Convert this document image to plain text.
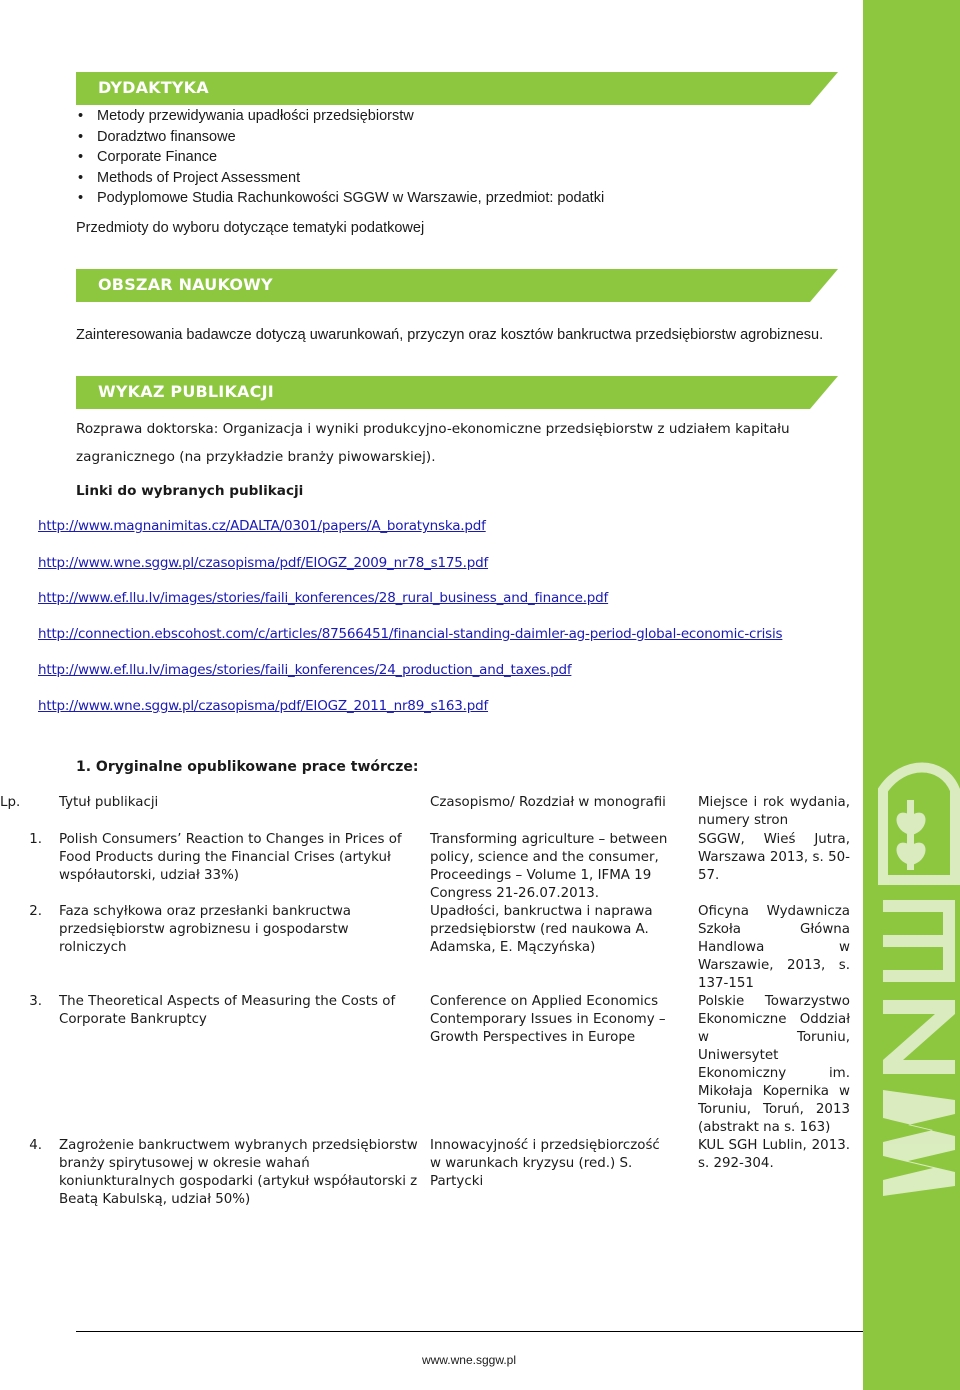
DYDAKTYKA
• Metody przewidywania upadłości przedsiębiorstw
• Doradztwo finansowe
• Corporate Finance
• Methods of Project Assessment
• Podyplomowe Studia Rachunkowości SGGW w Warszawie, przedmiot: podatki
Przedmioty do wyboru dotyczące tematyki podatkowej
OBSZAR NAUKOWY
Zainteresowania badawcze dotyczą uwarunkowań, przyczyn oraz kosztów bankructwa przedsiębiorstw agrobiznesu.
WYKAZ PUBLIKACJI
Rozprawa doktorska: Organizacja i wyniki produkcyjno-ekonomiczne przedsiębiorstw z udziałem kapitału
zagranicznego (na przykładzie branży piwowarskiej).
Linki do wybranych publikacji
http://www.magnanimitas.cz/ADALTA/0301/papers/A_boratynska.pdf
http://www.wne.sggw.pl/czasopisma/pdf/EIOGZ_2009_nr78_s175.pdf
http://www.ef.llu.lv/images/stories/faili_konferences/28_rural_business_and_finance.pdf
http://connection.ebscohost.com/c/articles/87566451/financial-standing-daimler-ag-period-global-economic-crisis
http://www.ef.llu.lv/images/stories/faili_konferences/24_production_and_taxes.pdf
http://www.wne.sggw.pl/czasopisma/pdf/EIOGZ_2011_nr89_s163.pdf
1. Oryginalne opublikowane prace twórcze:
Lp.	Tytuł publikacji	Czasopismo/ Rozdział w monografii Miejsce i rok wydania, numery stron
1. Polish Consumers’ Reaction to Changes in Prices of Food Products during the Financial Crises (artykuł współautorski, udział 33%)
Transforming agriculture – between policy, science and the consumer, Proceedings – Volume 1, IFMA 19 Congress 21-26.07.2013.
SGGW, Wieś Jutra, Warszawa 2013, s. 50-57.
2. Faza schyłkowa oraz przesłanki bankructwa przedsiębiorstw agrobiznesu i gospodarstw rolniczych
Upadłości, bankructwa i naprawa przedsiębiorstw (red naukowa A. Adamska, E. Mączyńska)
Oficyna Wydawnicza Szkoła Główna Handlowa w Warszawie, 2013, s. 137-151
3. The Theoretical Aspects of Measuring the Costs of Corporate Bankruptcy
Conference on Applied Economics Contemporary Issues in Economy – Growth Perspectives in Europe
Polskie Towarzystwo Ekonomiczne Oddział w Toruniu, Uniwersytet Ekonomiczny im. Mikołaja Kopernika w Toruniu, Toruń, 2013 (abstrakt na s. 163)
4. Zagrożenie bankructwem wybranych przedsiębiorstw branży spirytusowej w okresie wahań koniunkturalnych gospodarki (artykuł współautorski z Beatą Kabulską, udział 50%)
Innowacyjność i przedsiębiorczość w warunkach kryzysu (red.) S. Partycki
KUL SGH Lublin, 2013. s. 292-304.
www.wne.sggw.pl
